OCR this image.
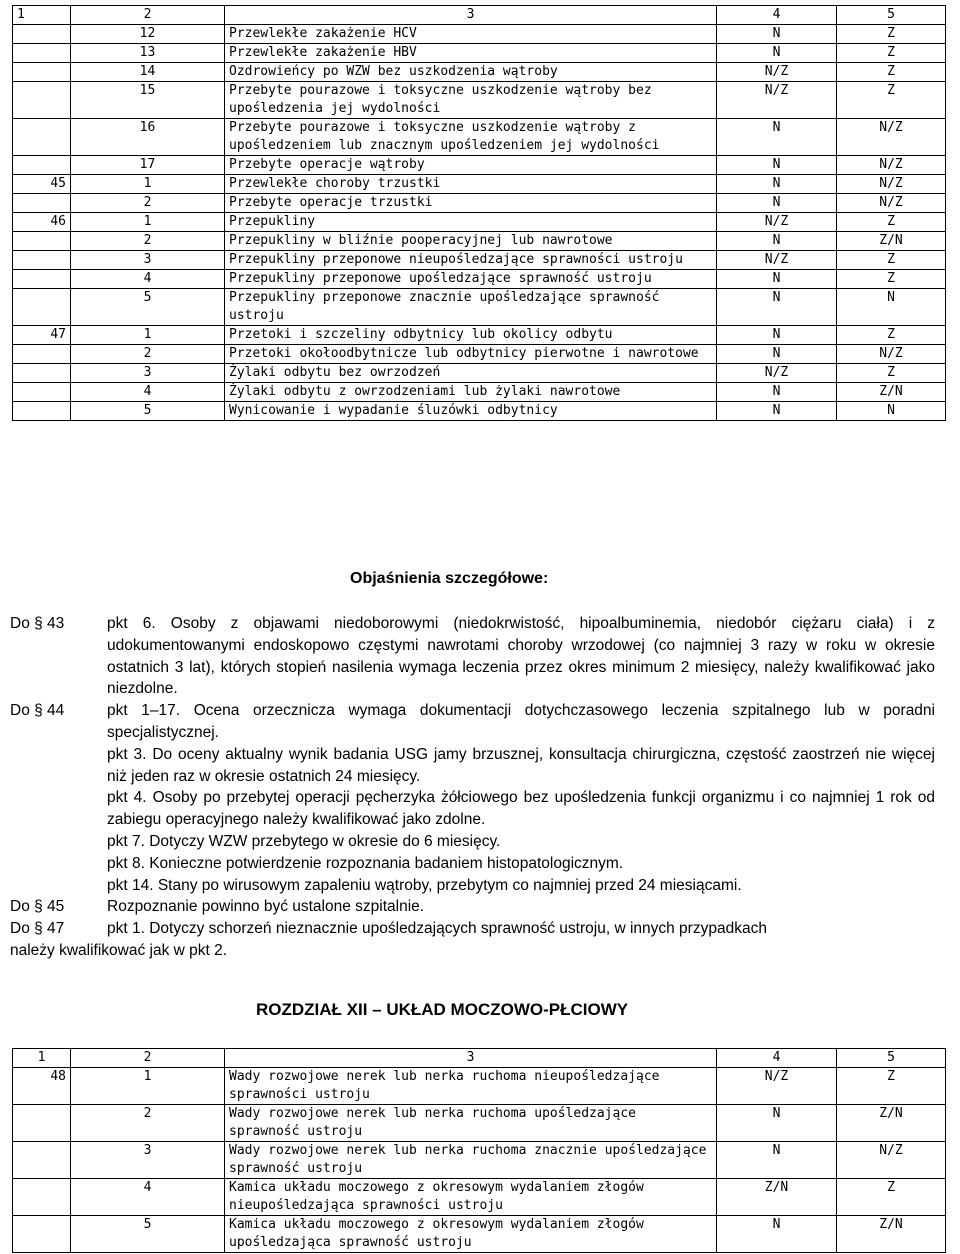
1	2	3	4	5
	12	Przewlekłe zakażenie HCV	N	Z
	13	Przewlekłe zakażenie HBV	N	Z
	14	Ozdrowieńcy po WZW bez uszkodzenia wątroby	N/Z	Z
	15	Przebyte pourazowe i toksyczne uszkodzenie wątroby bez upośledzenia jej wydolności	N/Z	Z
	16	Przebyte pourazowe i toksyczne uszkodzenie wątroby z upośledzeniem lub znacznym upośledzeniem jej wydolności	N	N/Z
	17	Przebyte operacje wątroby	N	N/Z
45	1	Przewlekłe choroby trzustki	N	N/Z
	2	Przebyte operacje trzustki	N	N/Z
46	1	Przepukliny	N/Z	Z
	2	Przepukliny w bliźnie pooperacyjnej lub nawrotowe	N	Z/N
	3	Przepukliny przeponowe nieupośledzające sprawności ustroju	N/Z	Z
	4	Przepukliny przeponowe upośledzające sprawność ustroju	N	Z
	5	Przepukliny przeponowe znacznie upośledzające sprawność ustroju	N	N
47	1	Przetoki i szczeliny odbytnicy lub okolicy odbytu	N	Z
	2	Przetoki okołoodbytnicze lub odbytnicy pierwotne i nawrotowe	N	N/Z
	3	Żylaki odbytu bez owrzodzeń	N/Z	Z
	4	Żylaki odbytu z owrzodzeniami lub żylaki nawrotowe	N	Z/N
	5	Wynicowanie i wypadanie śluzówki odbytnicy	N	N
Objaśnienia szczegółowe:
Do § 43	pkt 6. Osoby z objawami niedoborowymi (niedokrwistość, hipoalbuminemia, niedobór ciężaru ciała) i z udokumentowanymi endoskopowo częstymi nawrotami choroby wrzodowej (co najmniej 3 razy w roku w okresie ostatnich 3 lat), których stopień nasilenia wymaga leczenia przez okres minimum 2 miesięcy, należy kwalifikować jako niezdolne.
Do § 44	pkt 1–17. Ocena orzecznicza wymaga dokumentacji dotychczasowego leczenia szpitalnego lub w poradni specjalistycznej.
pkt 3. Do oceny aktualny wynik badania USG jamy brzusznej, konsultacja chirurgiczna, częstość zaostrzeń nie więcej niż jeden raz w okresie ostatnich 24 miesięcy.
pkt 4. Osoby po przebytej operacji pęcherzyka żółciowego bez upośledzenia funkcji organizmu i co najmniej 1 rok od zabiegu operacyjnego należy kwalifikować jako zdolne.
pkt 7. Dotyczy WZW przebytego w okresie do 6 miesięcy.
pkt 8. Konieczne potwierdzenie rozpoznania badaniem histopatologicznym.
pkt 14. Stany po wirusowym zapaleniu wątroby, przebytym co najmniej przed 24 miesiącami.
Do § 45	Rozpoznanie powinno być ustalone szpitalnie.
Do § 47	pkt 1. Dotyczy schorzeń nieznacznie upośledzających sprawność ustroju, w innych przypadkach
należy kwalifikować jak w pkt 2.
ROZDZIAŁ XII – UKŁAD MOCZOWO-PŁCIOWY
1	2	3	4	5
48	1	Wady rozwojowe nerek lub nerka ruchoma nieupośledzające sprawności ustroju	N/Z	Z
	2	Wady rozwojowe nerek lub nerka ruchoma upośledzające sprawność ustroju	N	Z/N
	3	Wady rozwojowe nerek lub nerka ruchoma znacznie upośledzające sprawność ustroju	N	N/Z
	4	Kamica układu moczowego z okresowym wydalaniem złogów nieupośledzająca sprawności ustroju	Z/N	Z
	5	Kamica układu moczowego z okresowym wydalaniem złogów upośledzająca sprawność ustroju	N	Z/N
